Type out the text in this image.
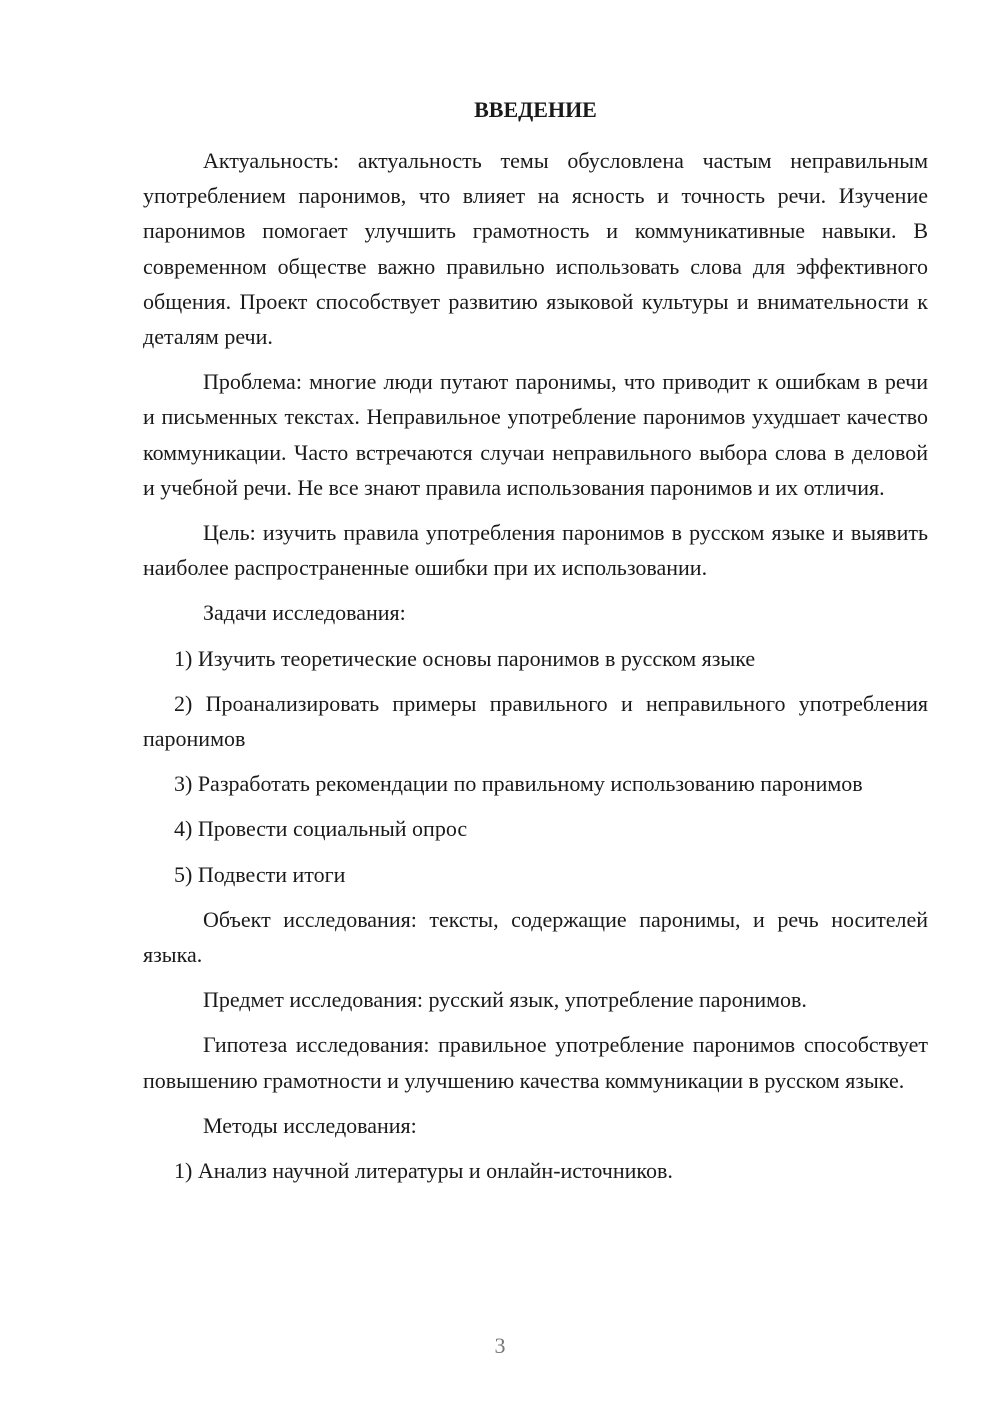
ВВЕДЕНИЕ

Актуальность: актуальность темы обусловлена частым неправильным употреблением паронимов, что влияет на ясность и точность речи. Изучение паронимов помогает улучшить грамотность и коммуникативные навыки. В современном обществе важно правильно использовать слова для эффективного общения. Проект способствует развитию языковой культуры и внимательности к деталям речи.

Проблема: многие люди путают паронимы, что приводит к ошибкам в речи и письменных текстах. Неправильное употребление паронимов ухудшает качество коммуникации. Часто встречаются случаи неправильного выбора слова в деловой и учебной речи. Не все знают правила использования паронимов и их отличия.

Цель: изучить правила употребления паронимов в русском языке и выявить наиболее распространенные ошибки при их использовании.

Задачи исследования:

1) Изучить теоретические основы паронимов в русском языке

2) Проанализировать примеры правильного и неправильного употребления паронимов

3) Разработать рекомендации по правильному использованию паронимов

4) Провести социальный опрос

5) Подвести итоги

Объект исследования: тексты, содержащие паронимы, и речь носителей языка.

Предмет исследования: русский язык, употребление паронимов.

Гипотеза исследования: правильное употребление паронимов способствует повышению грамотности и улучшению качества коммуникации в русском языке.

Методы исследования:

1) Анализ научной литературы и онлайн-источников.

3
